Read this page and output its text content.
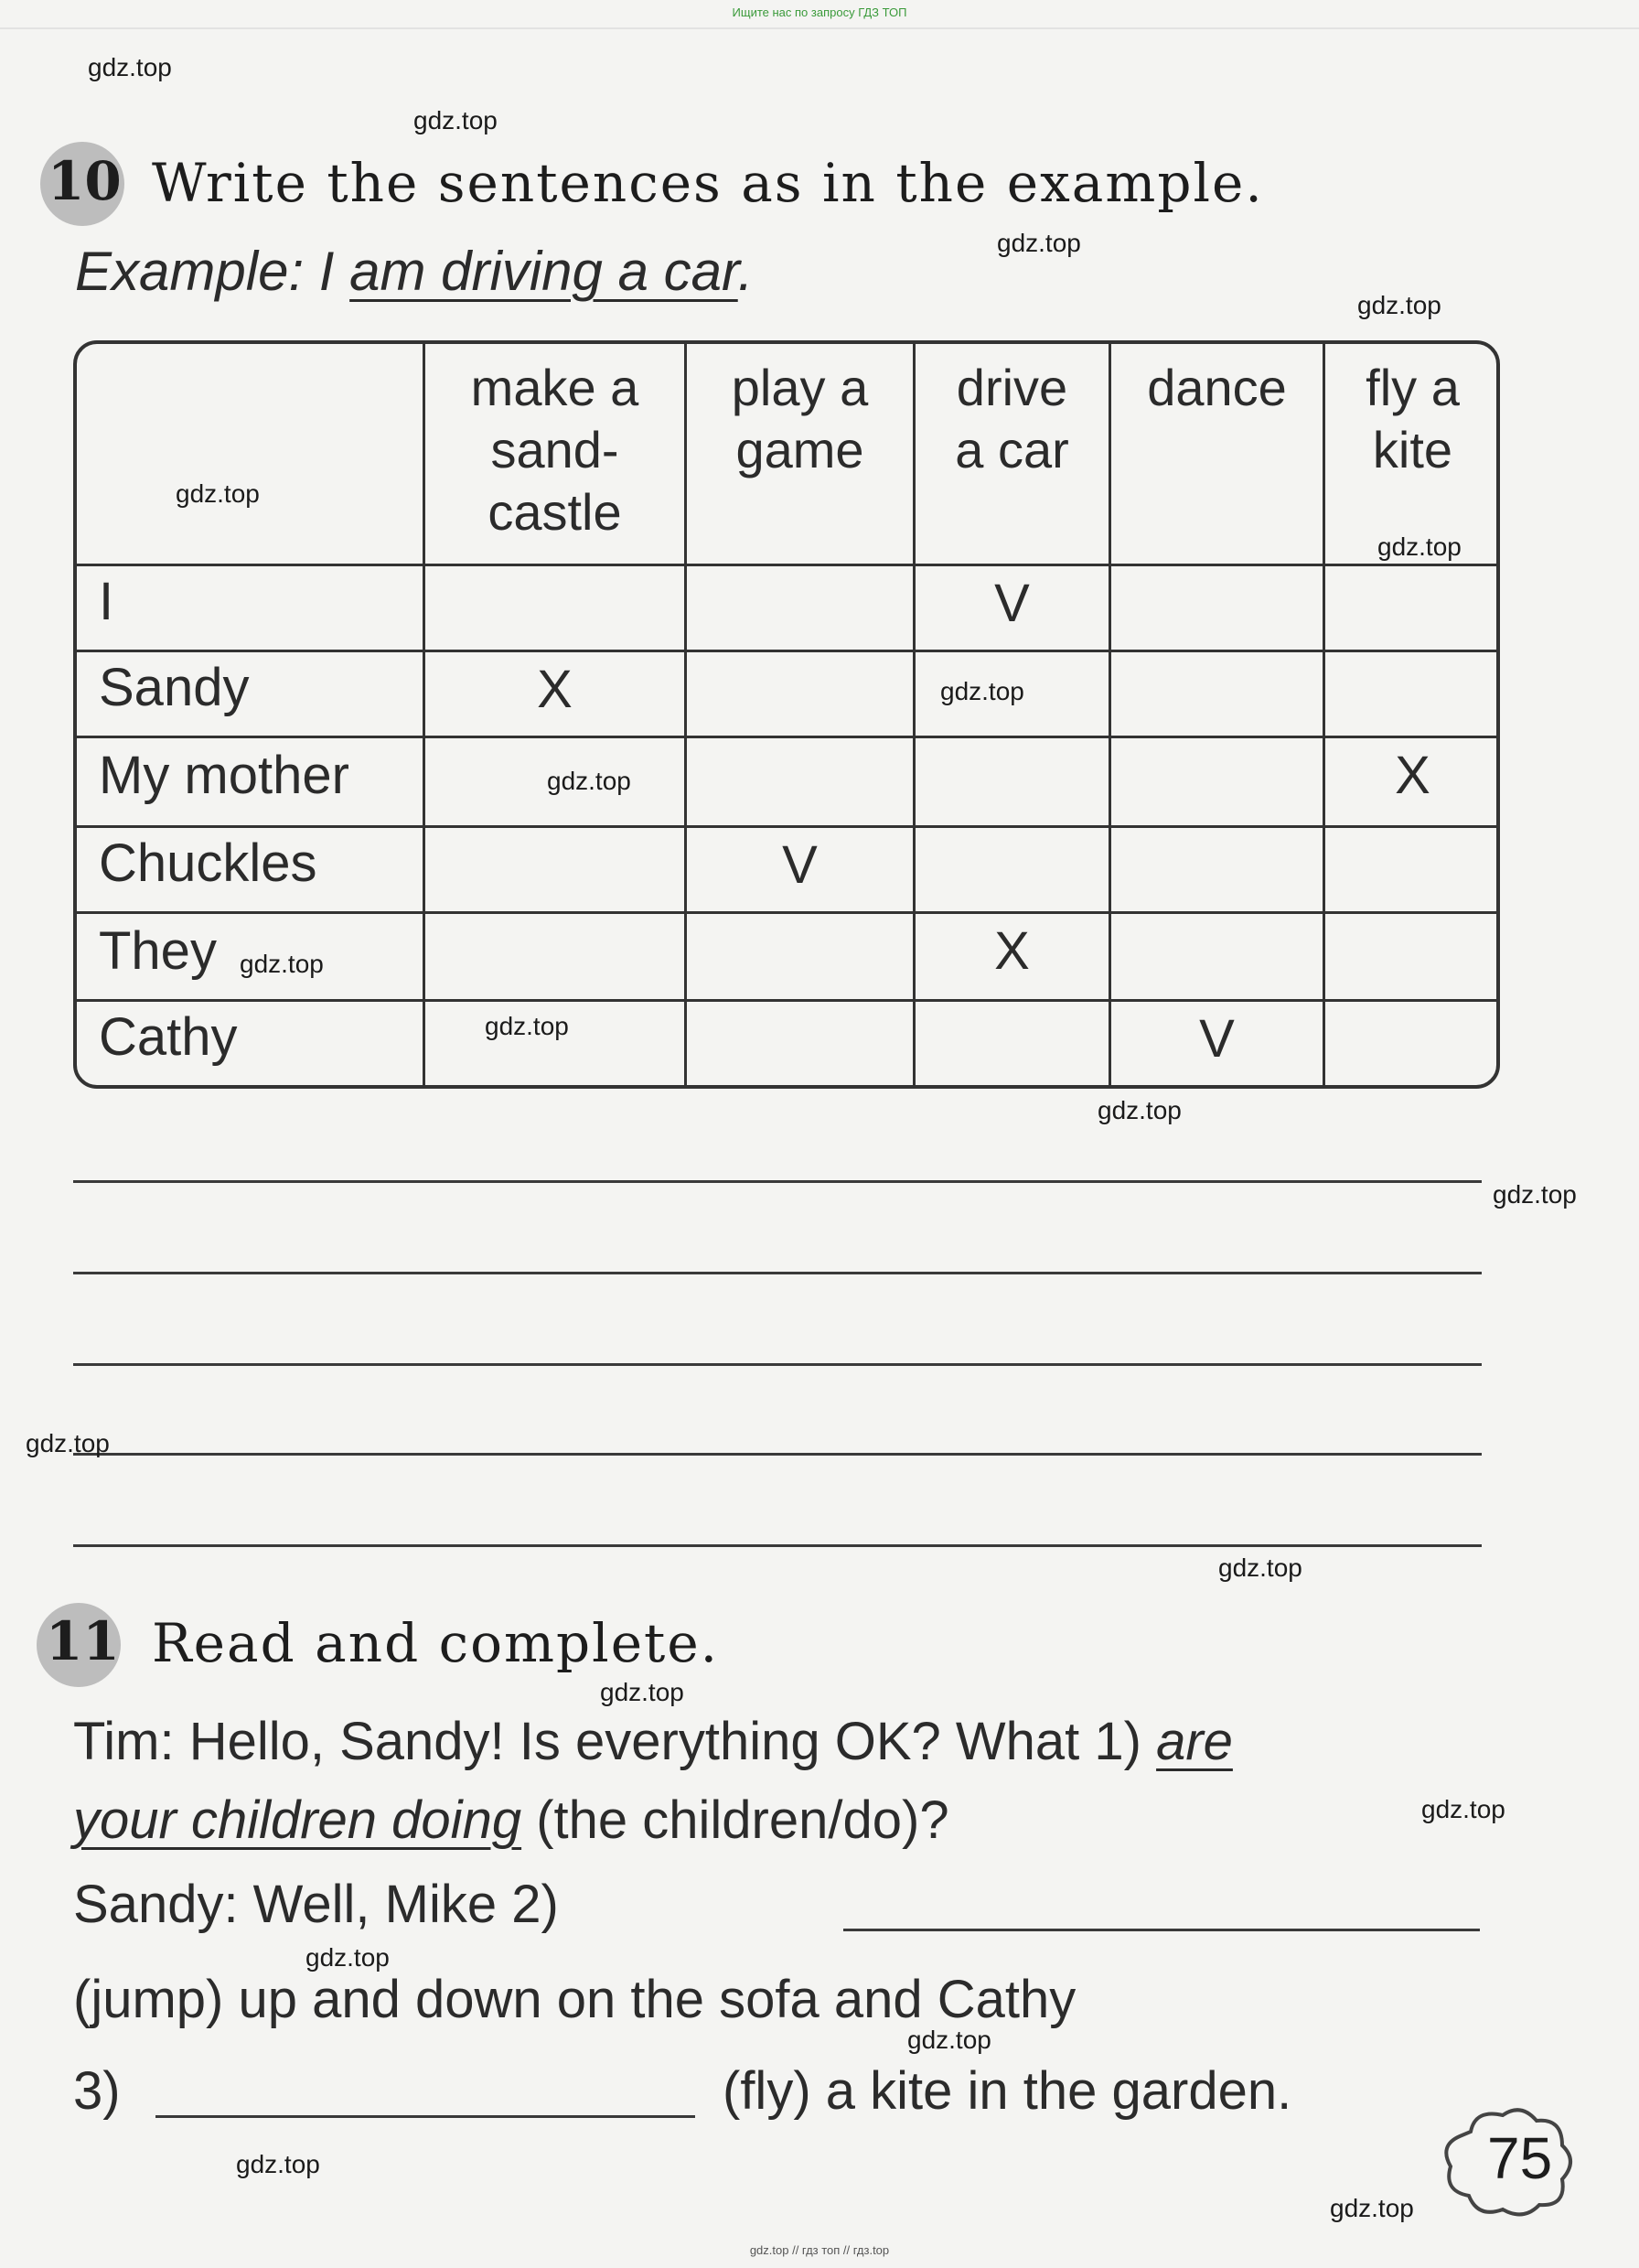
Ищите нас по запросу ГДЗ ТОП
10 Write the sentences as in the example.
Example: I am driving a car.
make a
sand-
castle
play a
game
drive
a car
dance	fly a
kite
I
Sandy
My mother
Chuckles
They
Cathy
V
X
X
V
X
V
11 Read and complete.
Tim: Hello, Sandy! Is everything OK? What 1) are
your children doing (the children/do)?
Sandy: Well, Mike 2)
(jump) up and down on the sofa and Cathy
3)	(fly) a kite in the garden.
75
gdz.top
gdz.top
gdz.top
gdz.top
gdz.top
gdz.top
gdz.top
gdz.top
gdz.top
gdz.top
gdz.top
gdz.top
gdz.top
gdz.top
gdz.top
gdz.top
gdz.top
gdz.top
gdz.top
gdz.top
gdz.top // гдз топ // гдз.top
